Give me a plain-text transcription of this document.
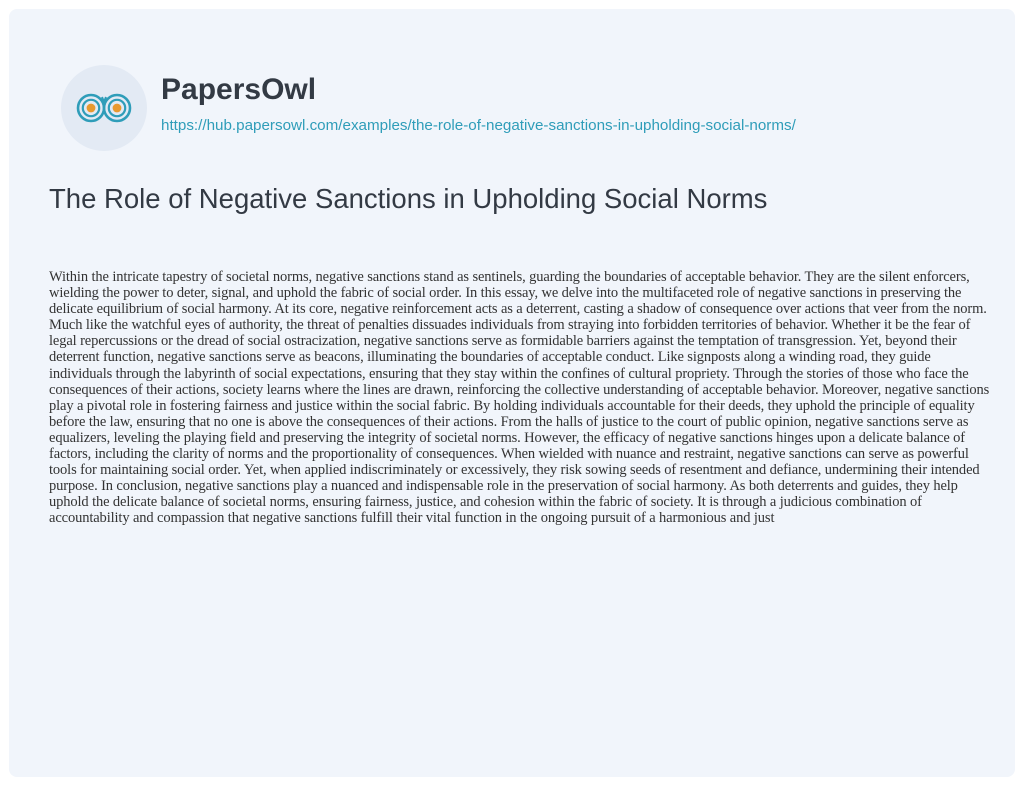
PapersOwl
https://hub.papersowl.com/examples/the-role-of-negative-sanctions-in-upholding-social-norms/
The Role of Negative Sanctions in Upholding Social Norms

Within the intricate tapestry of societal norms, negative sanctions stand as sentinels, guarding the boundaries of acceptable behavior. They are the silent enforcers, wielding the power to deter, signal, and uphold the fabric of social order. In this essay, we delve into the multifaceted role of negative sanctions in preserving the delicate equilibrium of social harmony. At its core, negative reinforcement acts as a deterrent, casting a shadow of consequence over actions that veer from the norm. Much like the watchful eyes of authority, the threat of penalties dissuades individuals from straying into forbidden territories of behavior. Whether it be the fear of legal repercussions or the dread of social ostracization, negative sanctions serve as formidable barriers against the temptation of transgression. Yet, beyond their deterrent function, negative sanctions serve as beacons, illuminating the boundaries of acceptable conduct. Like signposts along a winding road, they guide individuals through the labyrinth of social expectations, ensuring that they stay within the confines of cultural propriety. Through the stories of those who face the consequences of their actions, society learns where the lines are drawn, reinforcing the collective understanding of acceptable behavior. Moreover, negative sanctions play a pivotal role in fostering fairness and justice within the social fabric. By holding individuals accountable for their deeds, they uphold the principle of equality before the law, ensuring that no one is above the consequences of their actions. From the halls of justice to the court of public opinion, negative sanctions serve as equalizers, leveling the playing field and preserving the integrity of societal norms. However, the efficacy of negative sanctions hinges upon a delicate balance of factors, including the clarity of norms and the proportionality of consequences. When wielded with nuance and restraint, negative sanctions can serve as powerful tools for maintaining social order. Yet, when applied indiscriminately or excessively, they risk sowing seeds of resentment and defiance, undermining their intended purpose. In conclusion, negative sanctions play a nuanced and indispensable role in the preservation of social harmony. As both deterrents and guides, they help uphold the delicate balance of societal norms, ensuring fairness, justice, and cohesion within the fabric of society. It is through a judicious combination of accountability and compassion that negative sanctions fulfill their vital function in the ongoing pursuit of a harmonious and just
